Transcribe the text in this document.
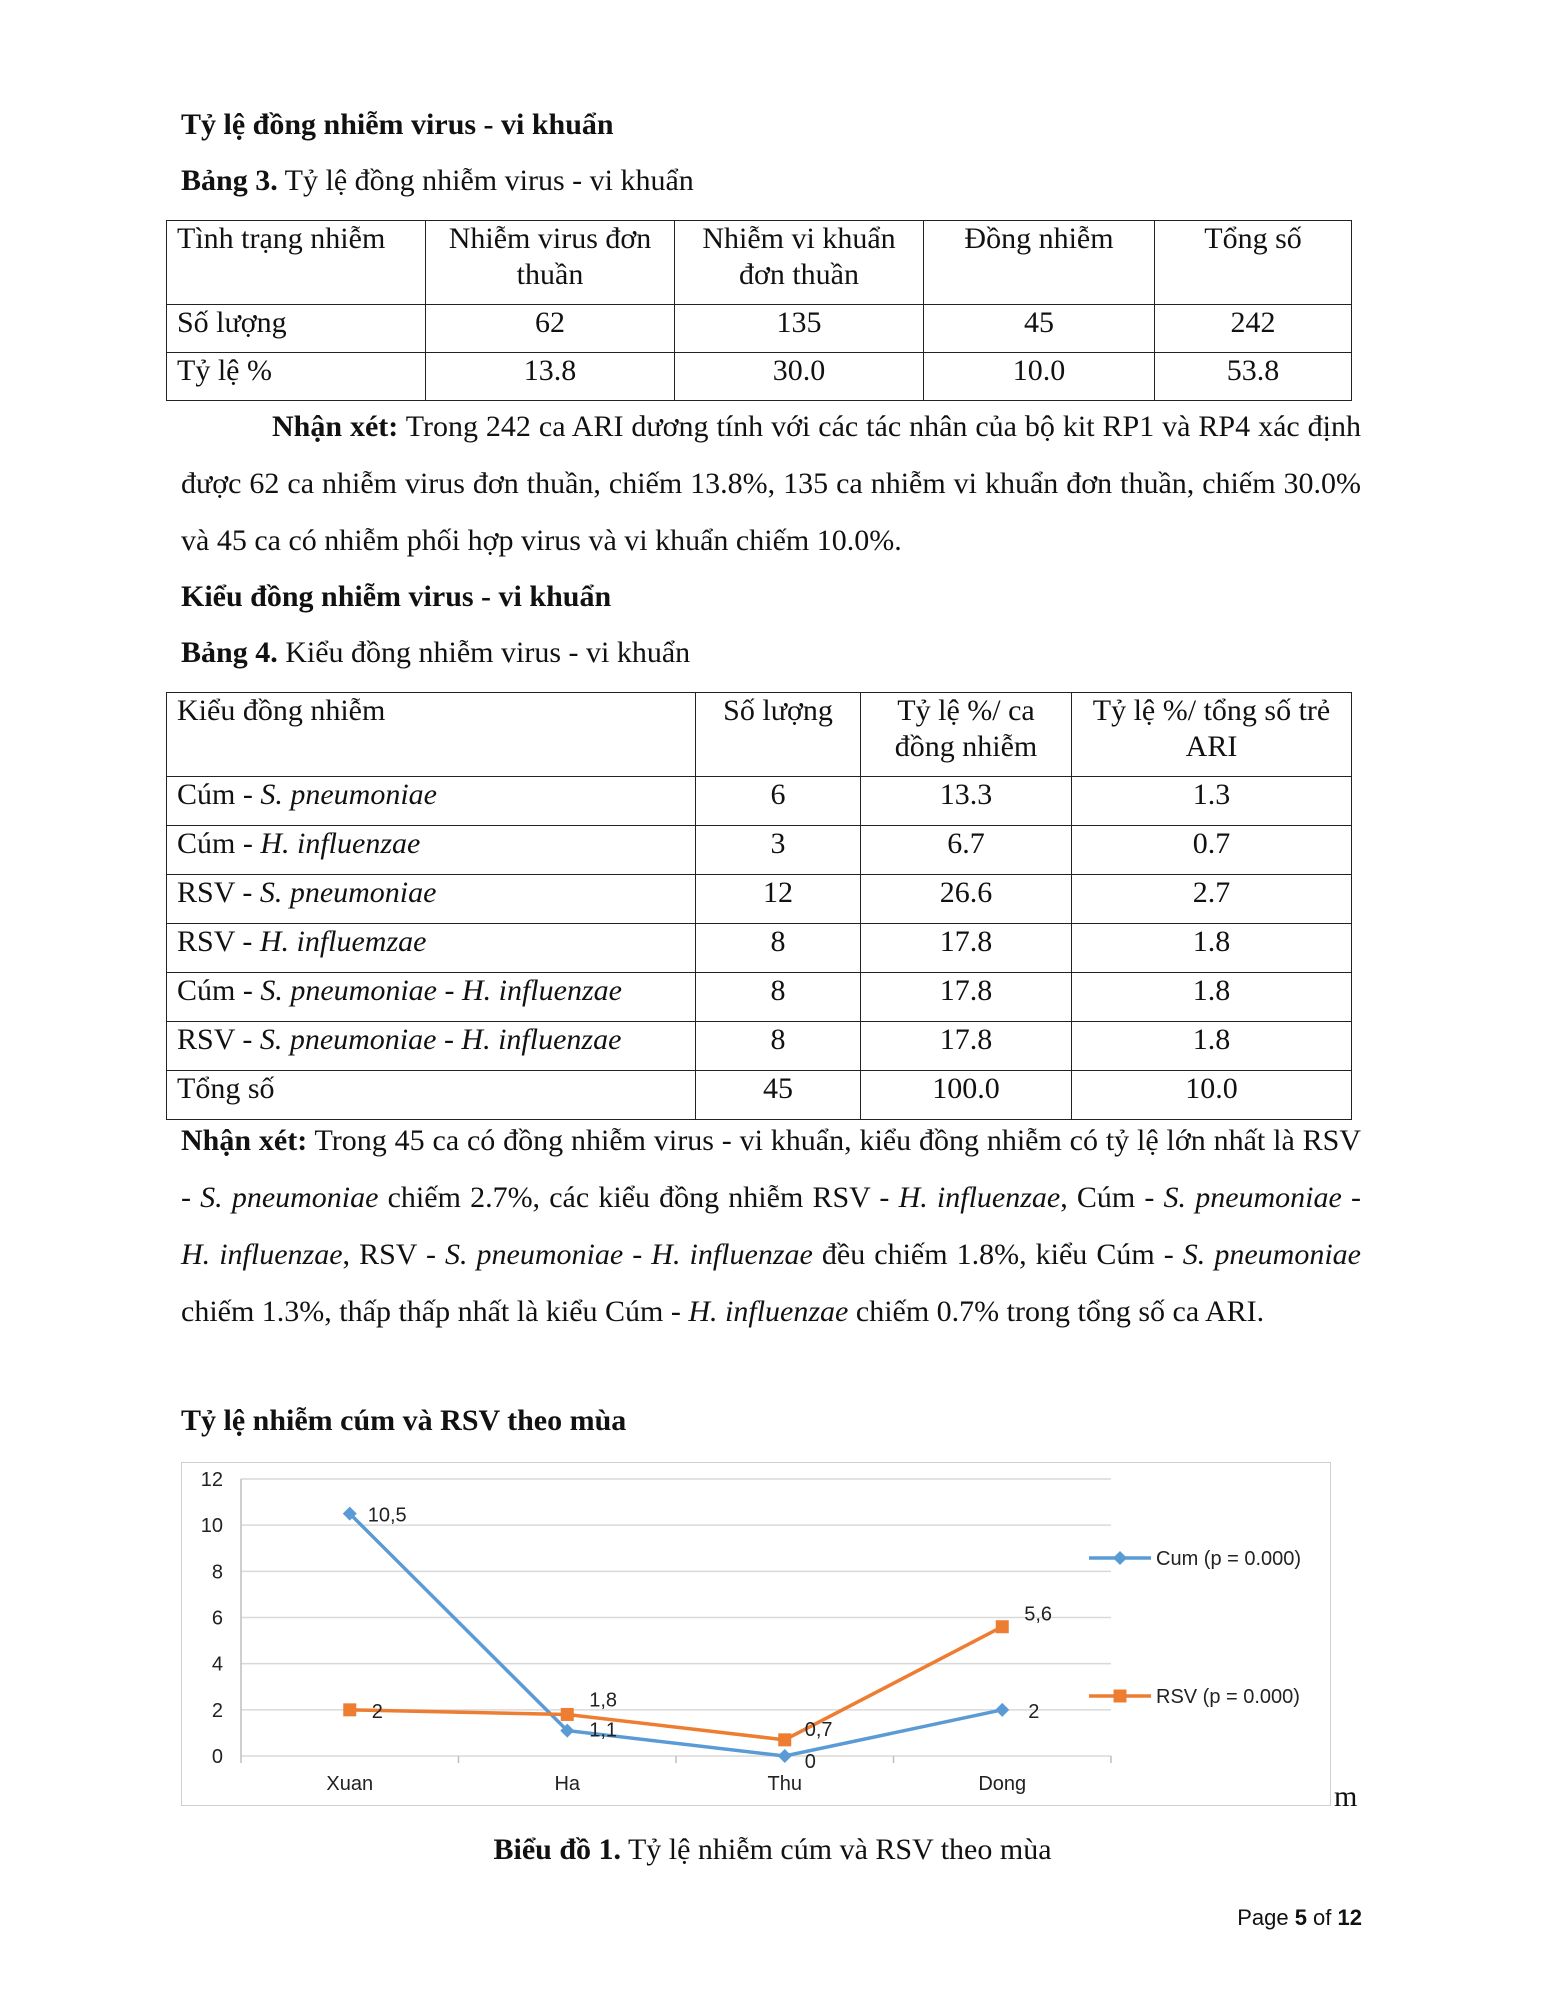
Tỷ lệ đồng nhiễm virus - vi khuẩn

Bảng 3. Tỷ lệ đồng nhiễm virus - vi khuẩn

Tình trạng nhiễm	Nhiễm virus đơn thuần	Nhiễm vi khuẩn đơn thuần	Đồng nhiễm	Tổng số
Số lượng	62	135	45	242
Tỷ lệ %	13.8	30.0	10.0	53.8

Nhận xét: Trong 242 ca ARI dương tính với các tác nhân của bộ kit RP1 và RP4 xác định được 62 ca nhiễm virus đơn thuần, chiếm 13.8%, 135 ca nhiễm vi khuẩn đơn thuần, chiếm 30.0% và 45 ca có nhiễm phối hợp virus và vi khuẩn chiếm 10.0%.

Kiểu đồng nhiễm virus - vi khuẩn

Bảng 4. Kiểu đồng nhiễm virus - vi khuẩn

Kiểu đồng nhiễm	Số lượng	Tỷ lệ %/ ca đồng nhiễm	Tỷ lệ %/ tổng số trẻ ARI
Cúm - S. pneumoniae	6	13.3	1.3
Cúm - H. influenzae	3	6.7	0.7
RSV - S. pneumoniae	12	26.6	2.7
RSV - H. influemzae	8	17.8	1.8
Cúm - S. pneumoniae - H. influenzae	8	17.8	1.8
RSV - S. pneumoniae - H. influenzae	8	17.8	1.8
Tổng số	45	100.0	10.0

Nhận xét: Trong 45 ca có đồng nhiễm virus - vi khuẩn, kiểu đồng nhiễm có tỷ lệ lớn nhất là RSV - S. pneumoniae chiếm 2.7%, các kiểu đồng nhiễm RSV - H. influenzae, Cúm - S. pneumoniae - H. influenzae, RSV - S. pneumoniae - H. influenzae đều chiếm 1.8%, kiểu Cúm - S. pneumoniae chiếm 1.3%, thấp thấp nhất là kiểu Cúm - H. influenzae chiếm 0.7% trong tổng số ca ARI.

Tỷ lệ nhiễm cúm và RSV theo mùa

0
2
4
6
8
10
12
Xuan	Ha	Thu	Dong
10,5
1,1
0
2
2
1,8
0,7
5,6
Cum (p = 0.000)
RSV (p = 0.000)
m

Biểu đồ 1. Tỷ lệ nhiễm cúm và RSV theo mùa

Page 5 of 12
